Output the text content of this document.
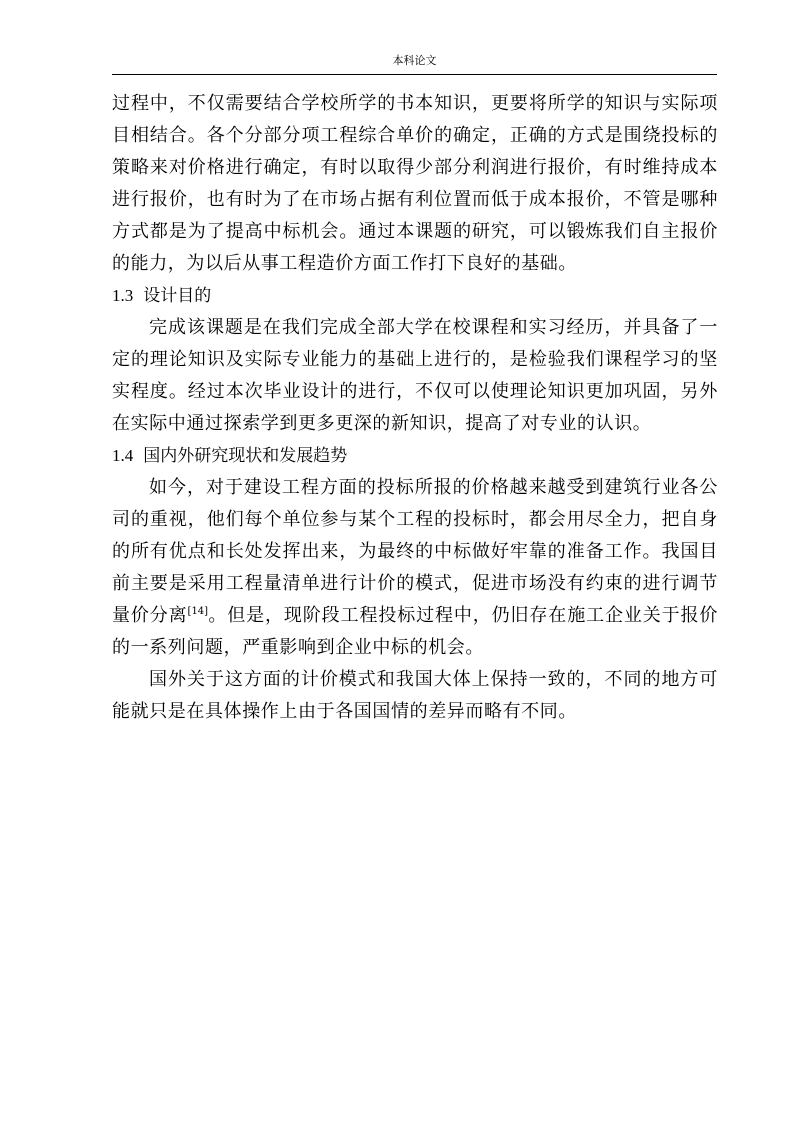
本科论文

过程中，不仅需要结合学校所学的书本知识，更要将所学的知识与实际项目相结合。各个分部分项工程综合单价的确定，正确的方式是围绕投标的策略来对价格进行确定，有时以取得少部分利润进行报价，有时维持成本进行报价，也有时为了在市场占据有利位置而低于成本报价，不管是哪种方式都是为了提高中标机会。通过本课题的研究，可以锻炼我们自主报价的能力，为以后从事工程造价方面工作打下良好的基础。

1.3 设计目的

完成该课题是在我们完成全部大学在校课程和实习经历，并具备了一定的理论知识及实际专业能力的基础上进行的，是检验我们课程学习的坚实程度。经过本次毕业设计的进行，不仅可以使理论知识更加巩固，另外在实际中通过探索学到更多更深的新知识，提高了对专业的认识。

1.4 国内外研究现状和发展趋势

如今，对于建设工程方面的投标所报的价格越来越受到建筑行业各公司的重视，他们每个单位参与某个工程的投标时，都会用尽全力，把自身的所有优点和长处发挥出来，为最终的中标做好牢靠的准备工作。我国目前主要是采用工程量清单进行计价的模式，促进市场没有约束的进行调节量价分离[14]。但是，现阶段工程投标过程中，仍旧存在施工企业关于报价的一系列问题，严重影响到企业中标的机会。

国外关于这方面的计价模式和我国大体上保持一致的，不同的地方可能就只是在具体操作上由于各国国情的差异而略有不同。
